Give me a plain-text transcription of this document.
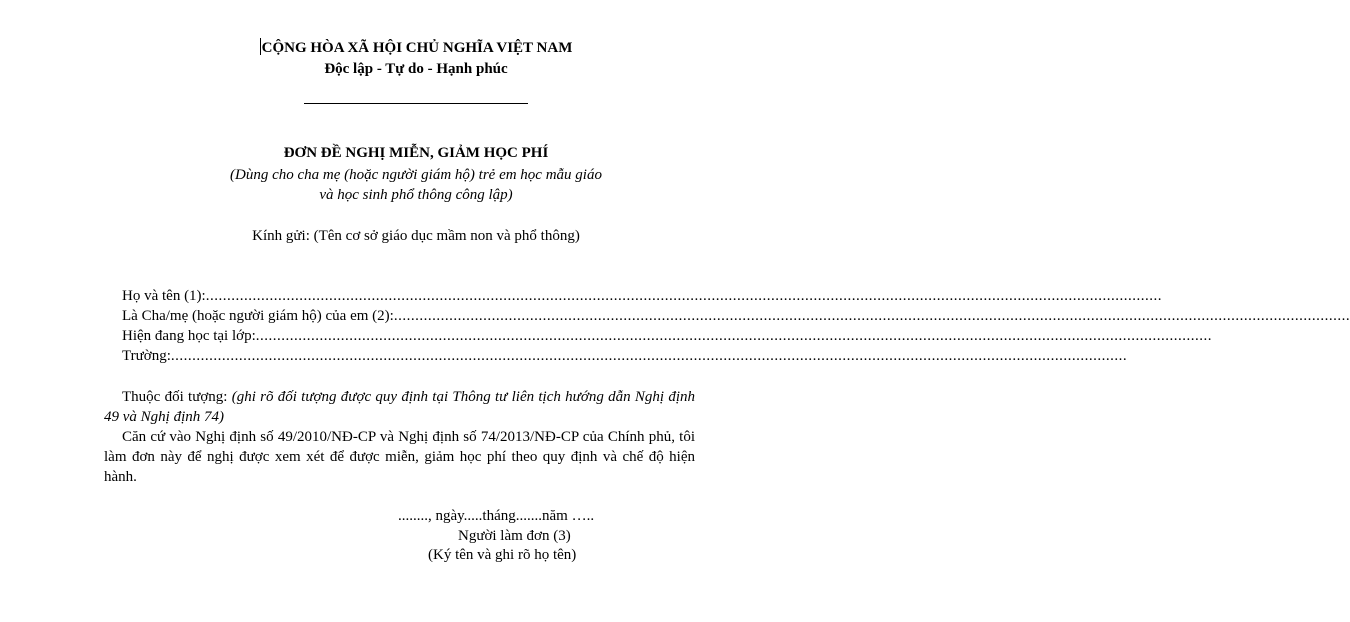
CỘNG HÒA XÃ HỘI CHỦ NGHĨA VIỆT NAM
Độc lập - Tự do - Hạnh phúc
ĐƠN ĐỀ NGHỊ MIỄN, GIẢM HỌC PHÍ
(Dùng cho cha mẹ (hoặc người giám hộ) trẻ em học mẫu giáo
và học sinh phổ thông công lập)
Kính gửi: (Tên cơ sở giáo dục mầm non và phổ thông)
Họ và tên (1): .................................................................................................................................................................................................................................
Là Cha/mẹ (hoặc người giám hộ) của em (2): .................................................................................................................................................................................................................................
Hiện đang học tại lớp: .................................................................................................................................................................................................................................
Trường: .................................................................................................................................................................................................................................
Thuộc đối tượng: (ghi rõ đối tượng được quy định tại Thông tư liên tịch hướng dẫn Nghị định 49 và Nghị định 74)
Căn cứ vào Nghị định số 49/2010/NĐ-CP và Nghị định số 74/2013/NĐ-CP của Chính phủ, tôi làm đơn này để nghị được xem xét để được miễn, giảm học phí theo quy định và chế độ hiện hành.
........, ngày.....tháng.......năm …..
Người làm đơn (3)
(Ký tên và ghi rõ họ tên)
